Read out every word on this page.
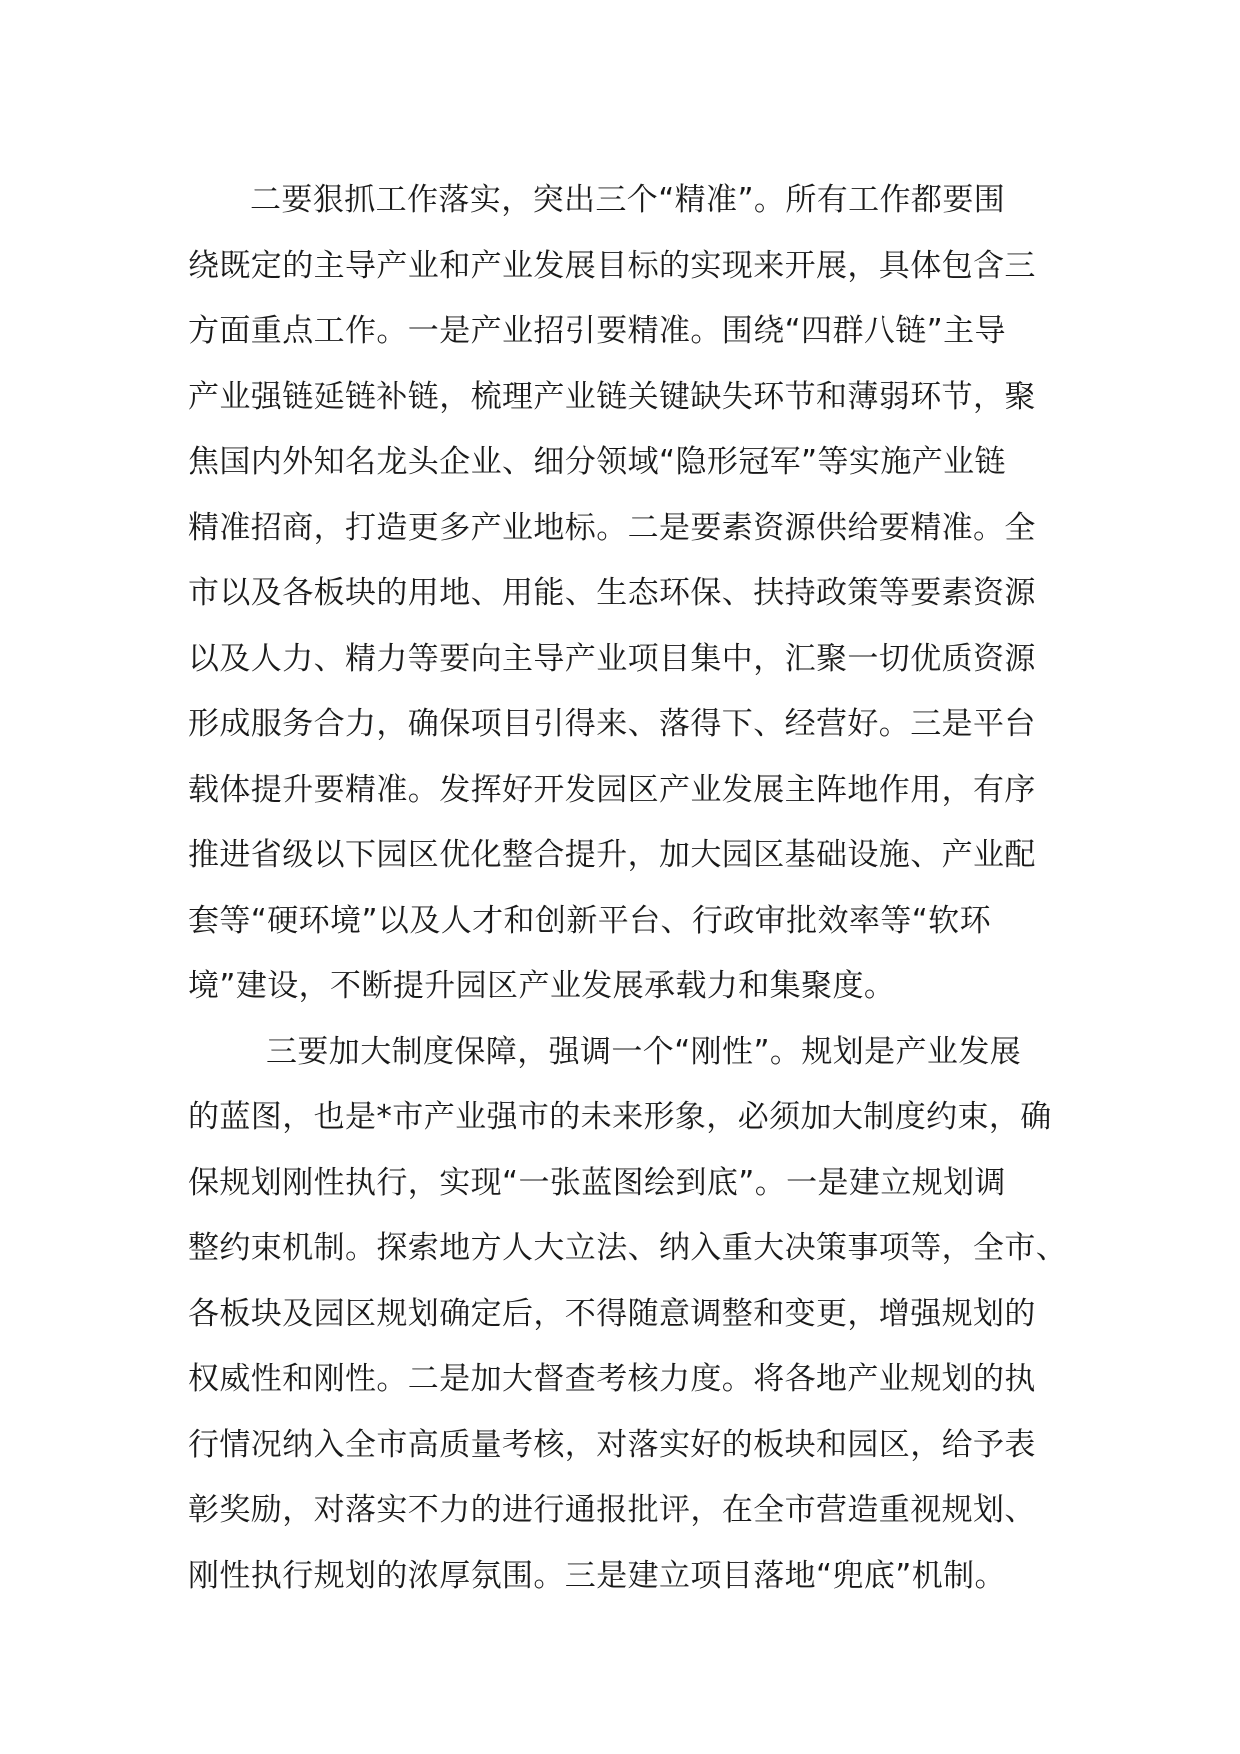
二要狠抓工作落实，突出三个“精准”。所有工作都要围
绕既定的主导产业和产业发展目标的实现来开展，具体包含三
方面重点工作。一是产业招引要精准。围绕“四群八链”主导
产业强链延链补链，梳理产业链关键缺失环节和薄弱环节，聚
焦国内外知名龙头企业、细分领域“隐形冠军”等实施产业链
精准招商，打造更多产业地标。二是要素资源供给要精准。全
市以及各板块的用地、用能、生态环保、扶持政策等要素资源
以及人力、精力等要向主导产业项目集中，汇聚一切优质资源
形成服务合力，确保项目引得来、落得下、经营好。三是平台
载体提升要精准。发挥好开发园区产业发展主阵地作用，有序
推进省级以下园区优化整合提升，加大园区基础设施、产业配
套等“硬环境”以及人才和创新平台、行政审批效率等“软环
境”建设，不断提升园区产业发展承载力和集聚度。
三要加大制度保障，强调一个“刚性”。规划是产业发展
的蓝图，也是*市产业强市的未来形象，必须加大制度约束，确
保规划刚性执行，实现“一张蓝图绘到底”。一是建立规划调
整约束机制。探索地方人大立法、纳入重大决策事项等，全市、
各板块及园区规划确定后，不得随意调整和变更，增强规划的
权威性和刚性。二是加大督查考核力度。将各地产业规划的执
行情况纳入全市高质量考核，对落实好的板块和园区，给予表
彰奖励，对落实不力的进行通报批评，在全市营造重视规划、
刚性执行规划的浓厚氛围。三是建立项目落地“兜底”机制。
